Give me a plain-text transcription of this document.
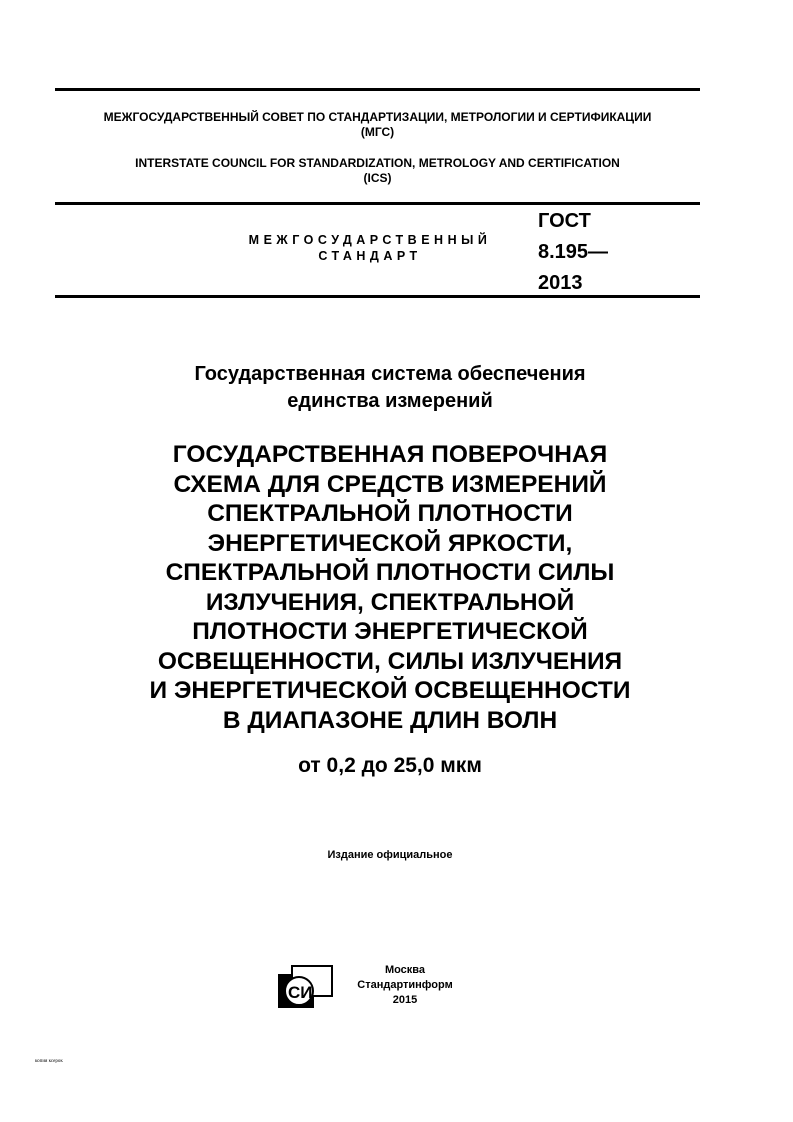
МЕЖГОСУДАРСТВЕННЫЙ СОВЕТ ПО СТАНДАРТИЗАЦИИ, МЕТРОЛОГИИ И СЕРТИФИКАЦИИ
(МГС)
INTERSTATE COUNCIL FOR STANDARDIZATION, METROLOGY AND CERTIFICATION
(ICS)
МЕЖГОСУДАРСТВЕННЫЙ
СТАНДАРТ
ГОСТ
8.195—
2013
Государственная система обеспечения
единства измерений
ГОСУДАРСТВЕННАЯ ПОВЕРОЧНАЯ
СХЕМА ДЛЯ СРЕДСТВ ИЗМЕРЕНИЙ
СПЕКТРАЛЬНОЙ ПЛОТНОСТИ
ЭНЕРГЕТИЧЕСКОЙ ЯРКОСТИ,
СПЕКТРАЛЬНОЙ ПЛОТНОСТИ СИЛЫ
ИЗЛУЧЕНИЯ, СПЕКТРАЛЬНОЙ
ПЛОТНОСТИ ЭНЕРГЕТИЧЕСКОЙ
ОСВЕЩЕННОСТИ, СИЛЫ ИЗЛУЧЕНИЯ
И ЭНЕРГЕТИЧЕСКОЙ ОСВЕЩЕННОСТИ
В ДИАПАЗОНЕ ДЛИН ВОЛН
от 0,2 до 25,0 мкм
Издание официальное
СИ
Москва
Стандартинформ
2015
копия ксерок
